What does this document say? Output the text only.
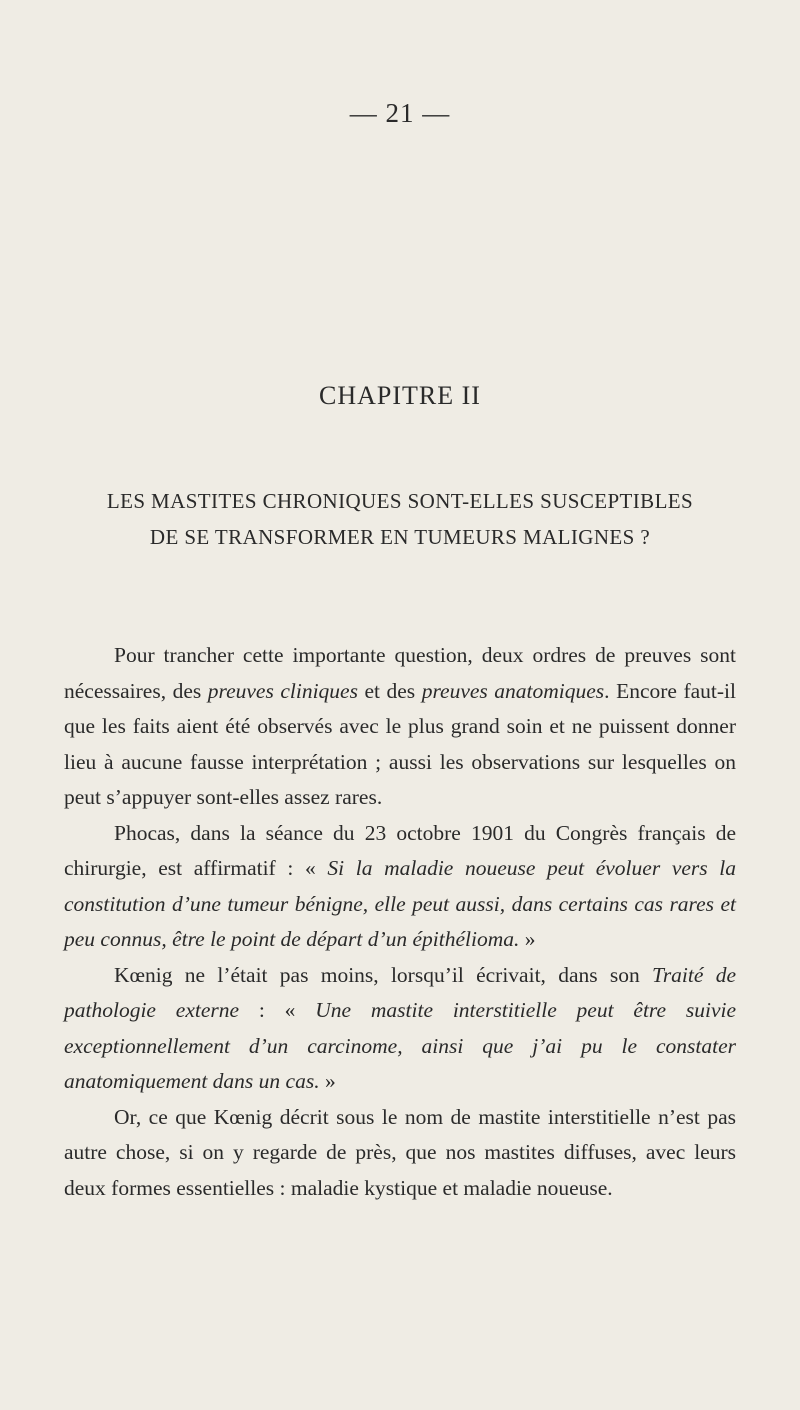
— 21 —
CHAPITRE II
LES MASTITES CHRONIQUES SONT-ELLES SUSCEPTIBLES
DE SE TRANSFORMER EN TUMEURS MALIGNES ?

Pour trancher cette importante question, deux ordres de preuves sont nécessaires, des preuves cliniques et des preuves anatomiques. Encore faut-il que les faits aient été observés avec le plus grand soin et ne puissent donner lieu à aucune fausse interprétation ; aussi les observations sur lesquelles on peut s’appuyer sont-elles assez rares.

Phocas, dans la séance du 23 octobre 1901 du Congrès français de chirurgie, est affirmatif : « Si la maladie noueuse peut évoluer vers la constitution d’une tumeur bénigne, elle peut aussi, dans certains cas rares et peu connus, être le point de départ d’un épithélioma. »

Kœnig ne l’était pas moins, lorsqu’il écrivait, dans son Traité de pathologie externe : « Une mastite interstitielle peut être suivie exceptionnellement d’un carcinome, ainsi que j’ai pu le constater anatomiquement dans un cas. »

Or, ce que Kœnig décrit sous le nom de mastite interstitielle n’est pas autre chose, si on y regarde de près, que nos mastites diffuses, avec leurs deux formes essentielles : maladie kystique et maladie noueuse.
